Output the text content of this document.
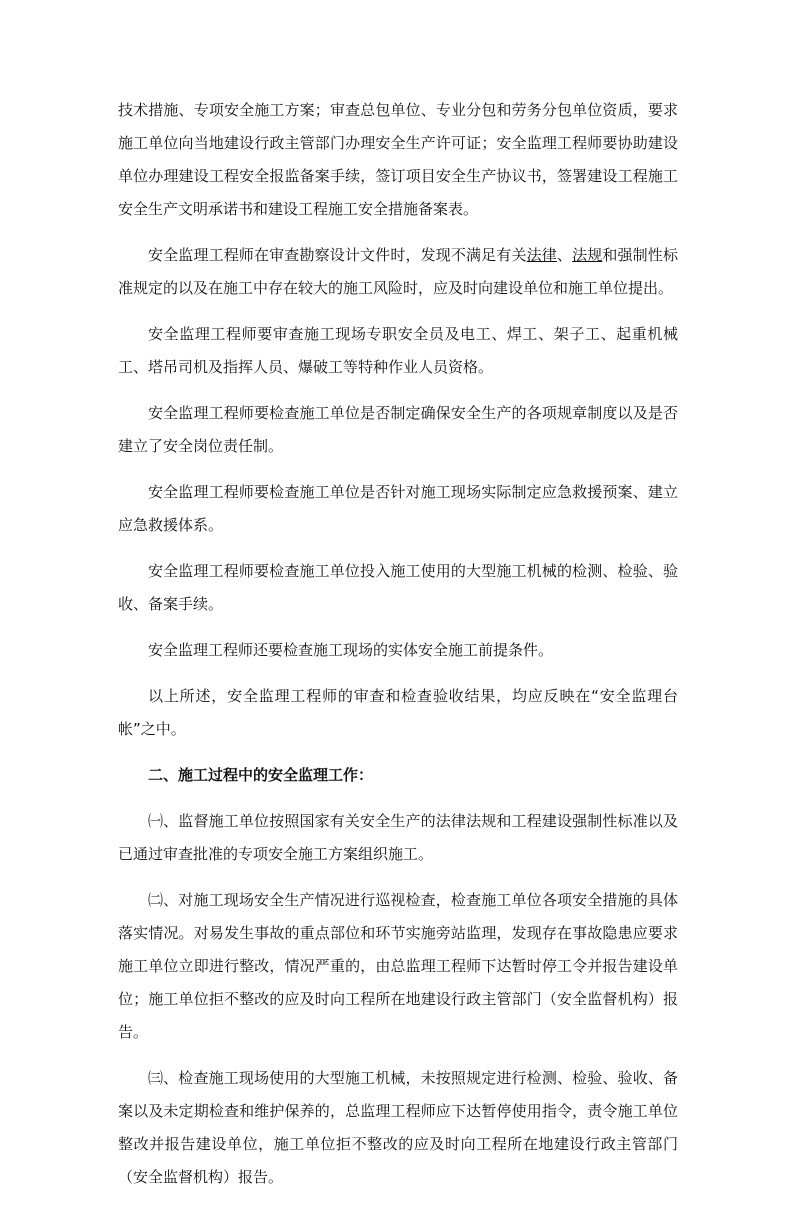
技术措施、专项安全施工方案；审查总包单位、专业分包和劳务分包单位资质，要求施工单位向当地建设行政主管部门办理安全生产许可证；安全监理工程师要协助建设单位办理建设工程安全报监备案手续，签订项目安全生产协议书，签署建设工程施工安全生产文明承诺书和建设工程施工安全措施备案表。

安全监理工程师在审查勘察设计文件时，发现不满足有关法律、法规和强制性标准规定的以及在施工中存在较大的施工风险时，应及时向建设单位和施工单位提出。

安全监理工程师要审查施工现场专职安全员及电工、焊工、架子工、起重机械工、塔吊司机及指挥人员、爆破工等特种作业人员资格。

安全监理工程师要检查施工单位是否制定确保安全生产的各项规章制度以及是否建立了安全岗位责任制。

安全监理工程师要检查施工单位是否针对施工现场实际制定应急救援预案、建立应急救援体系。

安全监理工程师要检查施工单位投入施工使用的大型施工机械的检测、检验、验收、备案手续。

安全监理工程师还要检查施工现场的实体安全施工前提条件。

以上所述，安全监理工程师的审查和检查验收结果，均应反映在“安全监理台帐”之中。

二、施工过程中的安全监理工作：

㈠、监督施工单位按照国家有关安全生产的法律法规和工程建设强制性标准以及已通过审查批准的专项安全施工方案组织施工。

㈡、对施工现场安全生产情况进行巡视检查，检查施工单位各项安全措施的具体落实情况。对易发生事故的重点部位和环节实施旁站监理，发现存在事故隐患应要求施工单位立即进行整改，情况严重的，由总监理工程师下达暂时停工令并报告建设单位；施工单位拒不整改的应及时向工程所在地建设行政主管部门（安全监督机构）报告。

㈢、检查施工现场使用的大型施工机械，未按照规定进行检测、检验、验收、备案以及未定期检查和维护保养的，总监理工程师应下达暂停使用指令，责令施工单位整改并报告建设单位，施工单位拒不整改的应及时向工程所在地建设行政主管部门（安全监督机构）报告。
